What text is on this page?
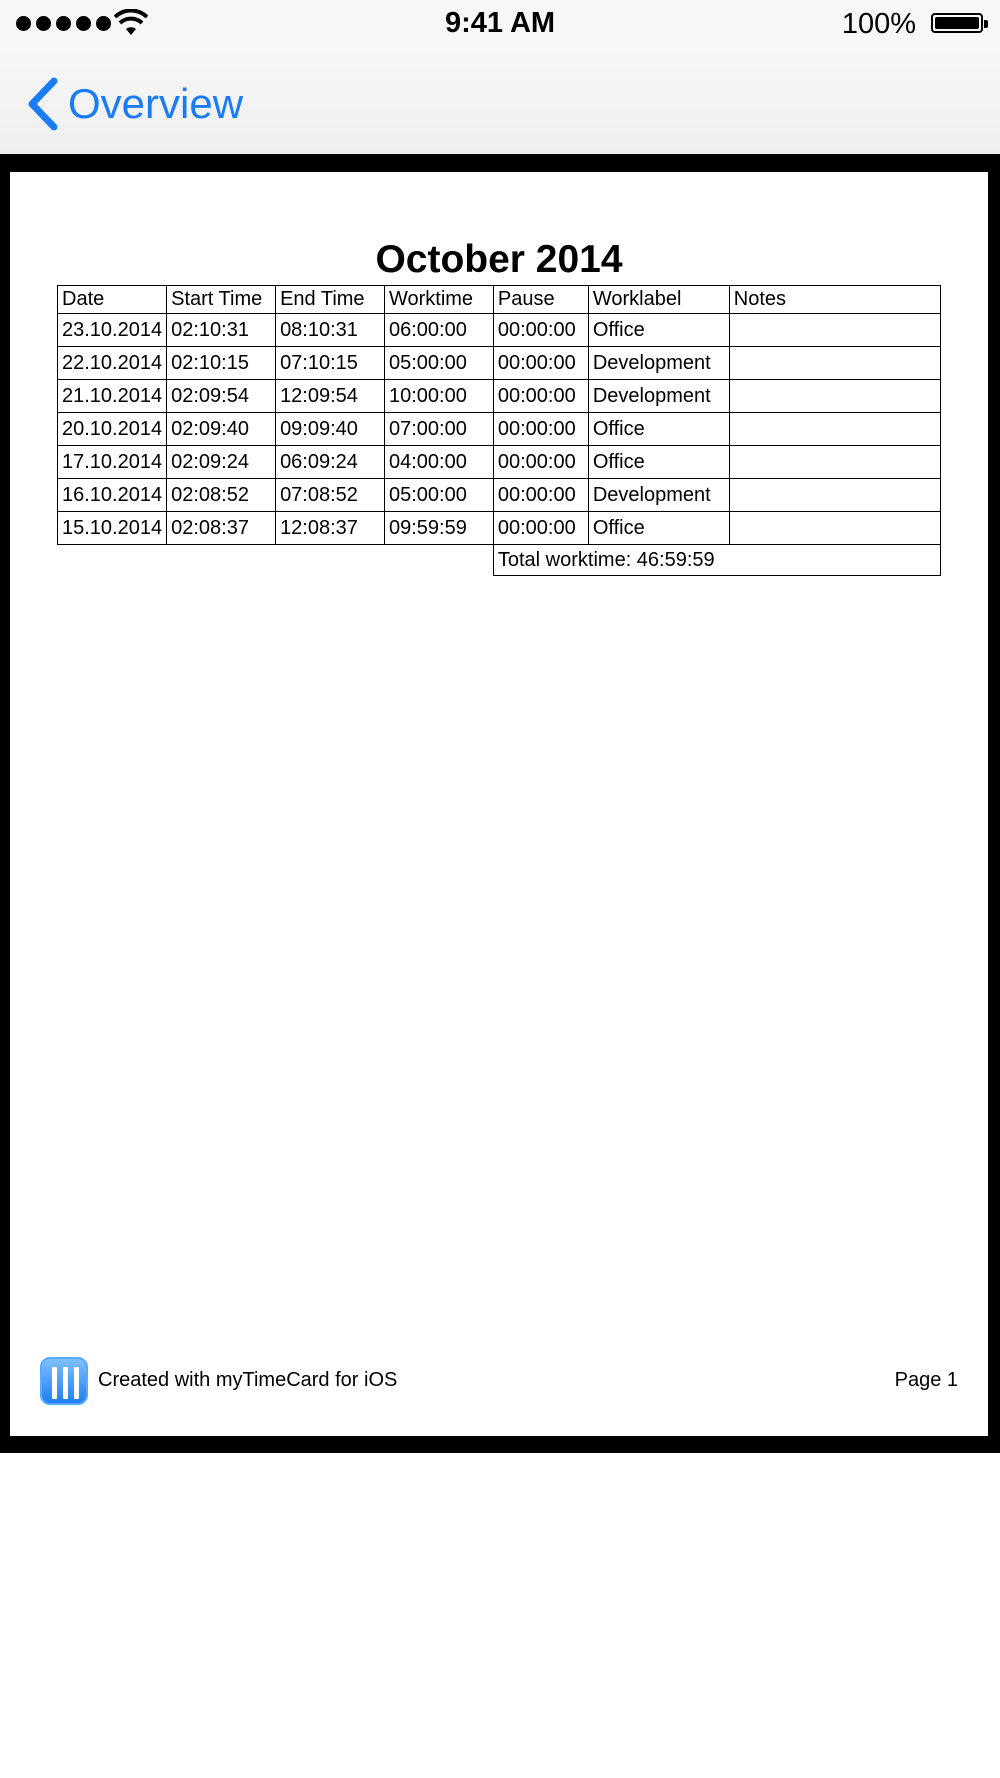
9:41 AM	100%
Overview
October 2014
Date	Start Time	End Time	Worktime	Pause	Worklabel	Notes
23.10.2014	02:10:31	08:10:31	06:00:00	00:00:00	Office	
22.10.2014	02:10:15	07:10:15	05:00:00	00:00:00	Development	
21.10.2014	02:09:54	12:09:54	10:00:00	00:00:00	Development	
20.10.2014	02:09:40	09:09:40	07:00:00	00:00:00	Office	
17.10.2014	02:09:24	06:09:24	04:00:00	00:00:00	Office	
16.10.2014	02:08:52	07:08:52	05:00:00	00:00:00	Development	
15.10.2014	02:08:37	12:08:37	09:59:59	00:00:00	Office	
				Total worktime: 46:59:59		
Created with myTimeCard for iOS	Page 1
